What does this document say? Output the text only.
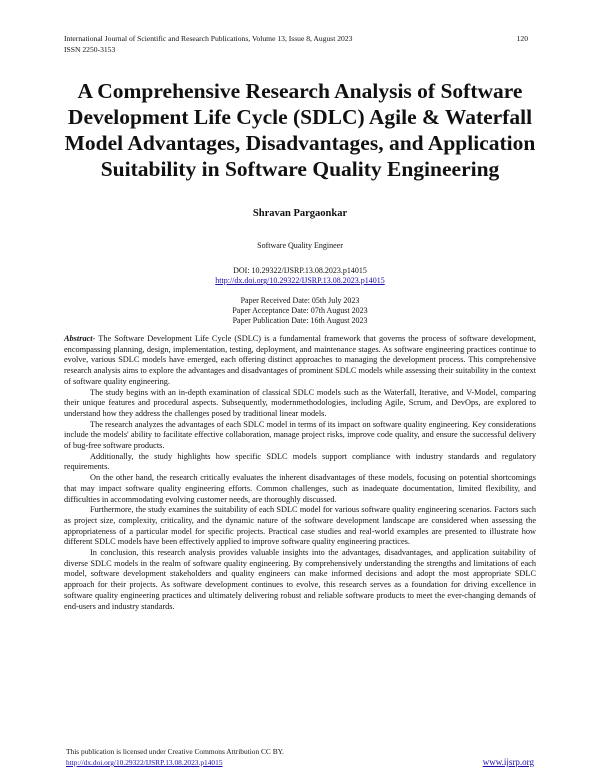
International Journal of Scientific and Research Publications, Volume 13, Issue 8, August 2023
ISSN 2250-3153
120
A Comprehensive Research Analysis of Software Development Life Cycle (SDLC) Agile & Waterfall Model Advantages, Disadvantages, and Application Suitability in Software Quality Engineering
Shravan Pargaonkar
Software Quality Engineer
DOI: 10.29322/IJSRP.13.08.2023.p14015
http://dx.doi.org/10.29322/IJSRP.13.08.2023.p14015
Paper Received Date: 05th July 2023
Paper Acceptance Date: 07th August 2023
Paper Publication Date: 16th August 2023

Abstract- The Software Development Life Cycle (SDLC) is a fundamental framework that governs the process of software development, encompassing planning, design, implementation, testing, deployment, and maintenance stages. As software engineering practices continue to evolve, various SDLC models have emerged, each offering distinct approaches to managing the development process. This comprehensive research analysis aims to explore the advantages and disadvantages of prominent SDLC models while assessing their suitability in the context of software quality engineering.

The study begins with an in-depth examination of classical SDLC models such as the Waterfall, Iterative, and V-Model, comparing their unique features and procedural aspects. Subsequently, modernmethodologies, including Agile, Scrum, and DevOps, are explored to understand how they address the challenges posed by traditional linear models.

The research analyzes the advantages of each SDLC model in terms of its impact on software quality engineering. Key considerations include the models' ability to facilitate effective collaboration, manage project risks, improve code quality, and ensure the successful delivery of bug-free software products.

Additionally, the study highlights how specific SDLC models support compliance with industry standards and regulatory requirements.

On the other hand, the research critically evaluates the inherent disadvantages of these models, focusing on potential shortcomings that may impact software quality engineering efforts. Common challenges, such as inadequate documentation, limited flexibility, and difficulties in accommodating evolving customer needs, are thoroughly discussed.

Furthermore, the study examines the suitability of each SDLC model for various software quality engineering scenarios. Factors such as project size, complexity, criticality, and the dynamic nature of the software development landscape are considered when assessing the appropriateness of a particular model for specific projects. Practical case studies and real-world examples are presented to illustrate how different SDLC models have been effectively applied to improve software quality engineering practices.

In conclusion, this research analysis provides valuable insights into the advantages, disadvantages, and application suitability of diverse SDLC models in the realm of software quality engineering. By comprehensively understanding the strengths and limitations of each model, software development stakeholders and quality engineers can make informed decisions and adopt the most appropriate SDLC approach for their projects. As software development continues to evolve, this research serves as a foundation for driving excellence in software quality engineering practices and ultimately delivering robust and reliable software products to meet the ever-changing demands of end-users and industry standards.

This publication is licensed under Creative Commons Attribution CC BY.
http://dx.doi.org/10.29322/IJSRP.13.08.2023.p14015	www.ijsrp.org
